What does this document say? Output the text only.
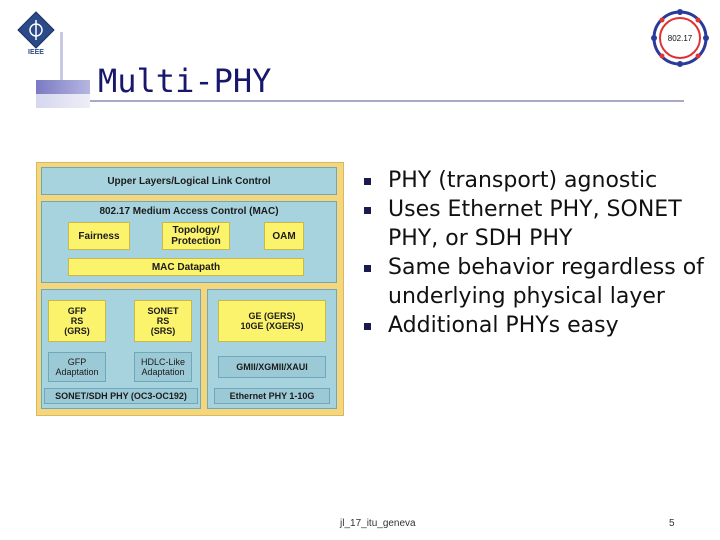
IEEE
802.17
Multi-PHY
Upper Layers/Logical Link Control
802.17 Medium Access Control (MAC)
Fairness	Topology/
Protection	OAM
MAC Datapath
GFP
RS
(GRS)
SONET
RS
(SRS)
GFP
Adaptation
HDLC-Like
Adaptation
SONET/SDH PHY (OC3-OC192)
GE (GERS)
10GE (XGERS)
GMII/XGMII/XAUI
Ethernet PHY 1-10G
PHY (transport) agnostic
Uses Ethernet PHY, SONET PHY, or SDH PHY
Same behavior regardless of underlying physical layer
Additional PHYs easy
jl_17_itu_geneva	5
